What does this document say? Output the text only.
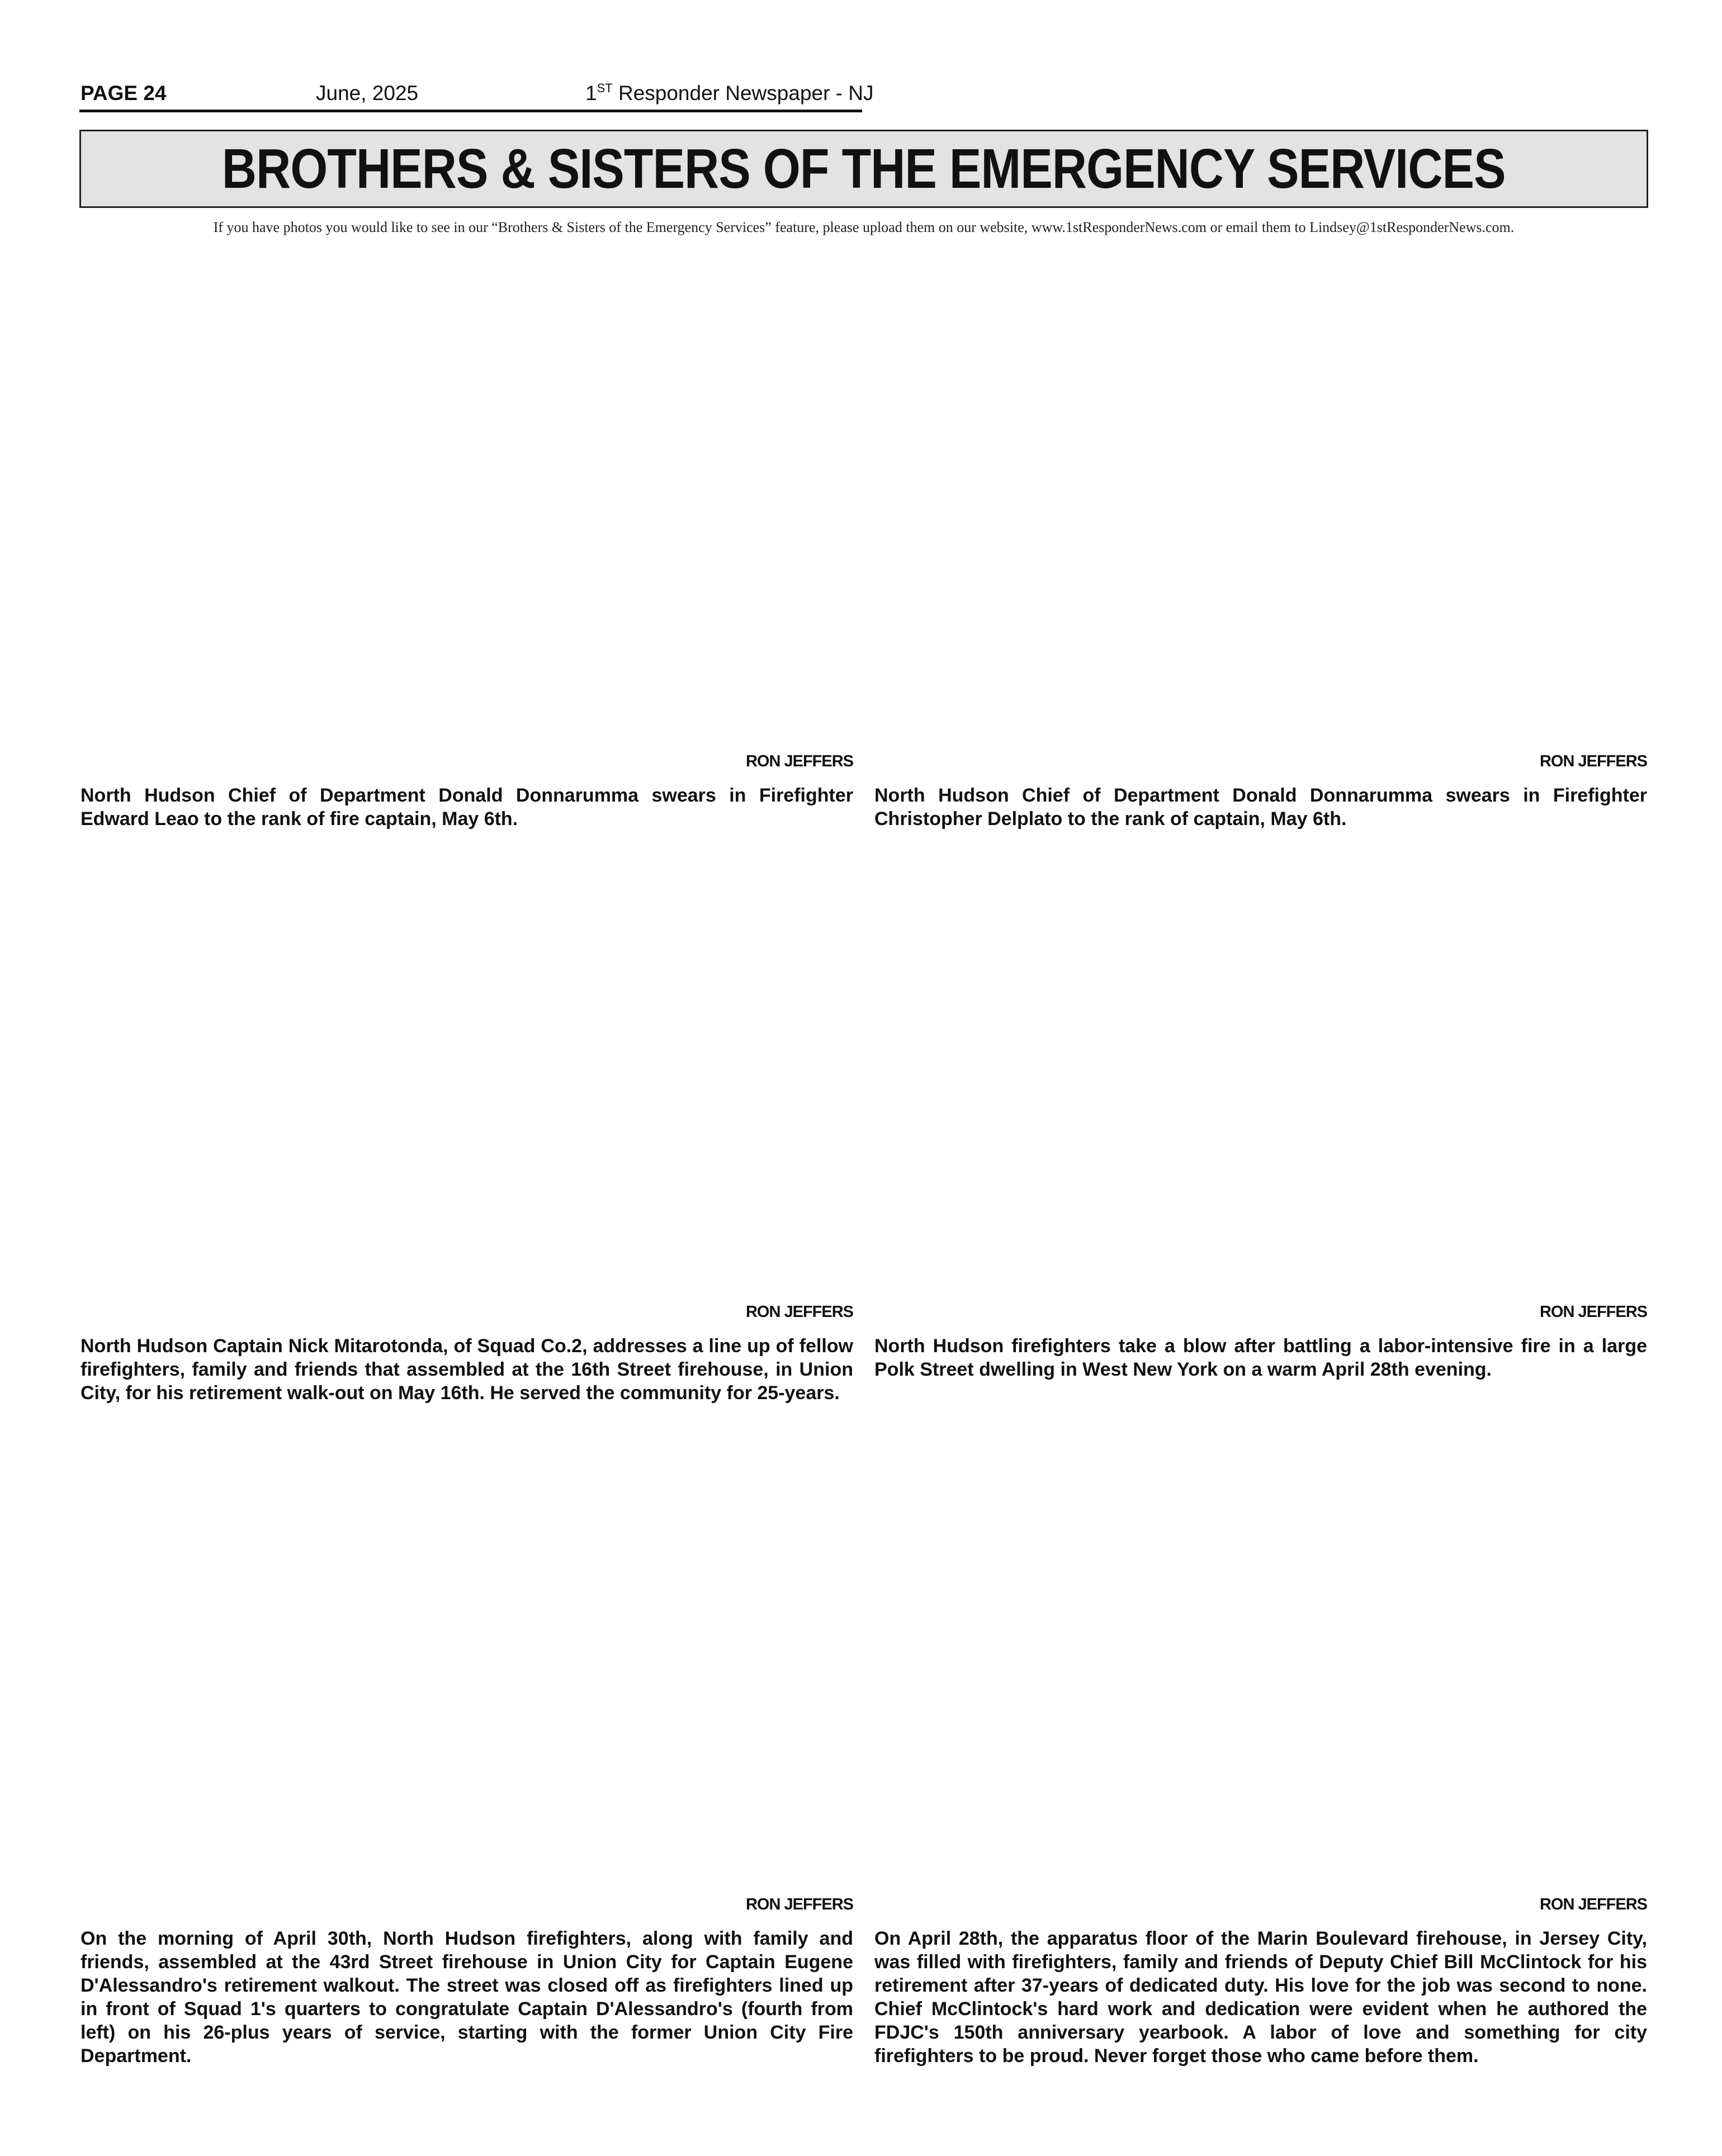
PAGE 24	June, 2025	1ST Responder Newspaper - NJ
BROTHERS & SISTERS OF THE EMERGENCY SERVICES
If you have photos you would like to see in our “Brothers & Sisters of the Emergency Services” feature, please upload them on our website, www.1stResponderNews.com or email them to Lindsey@1stResponderNews.com.
RON JEFFERS
North Hudson Chief of Department Donald Donnarumma swears in Firefighter Edward Leao to the rank of fire captain, May 6th.
RON JEFFERS
North Hudson Chief of Department Donald Donnarumma swears in Firefighter Christopher Delplato to the rank of captain, May 6th.
RON JEFFERS
North Hudson Captain Nick Mitarotonda, of Squad Co.2, addresses a line up of fellow firefighters, family and friends that assembled at the 16th Street firehouse, in Union City, for his retirement walk-out on May 16th. He served the community for 25-years.
RON JEFFERS
North Hudson firefighters take a blow after battling a labor-intensive fire in a large Polk Street dwelling in West New York on a warm April 28th evening.
RON JEFFERS
On the morning of April 30th, North Hudson firefighters, along with family and friends, assembled at the 43rd Street firehouse in Union City for Captain Eugene D'Alessandro's retirement walkout. The street was closed off as firefighters lined up in front of Squad 1's quarters to congratulate Captain D'Alessandro's (fourth from left) on his 26-plus years of service, starting with the former Union City Fire Department.
RON JEFFERS
On April 28th, the apparatus floor of the Marin Boulevard firehouse, in Jersey City, was filled with firefighters, family and friends of Deputy Chief Bill McClintock for his retirement after 37-years of dedicated duty. His love for the job was second to none. Chief McClintock's hard work and dedication were evident when he authored the FDJC's 150th anniversary yearbook. A labor of love and something for city firefighters to be proud. Never forget those who came before them.
